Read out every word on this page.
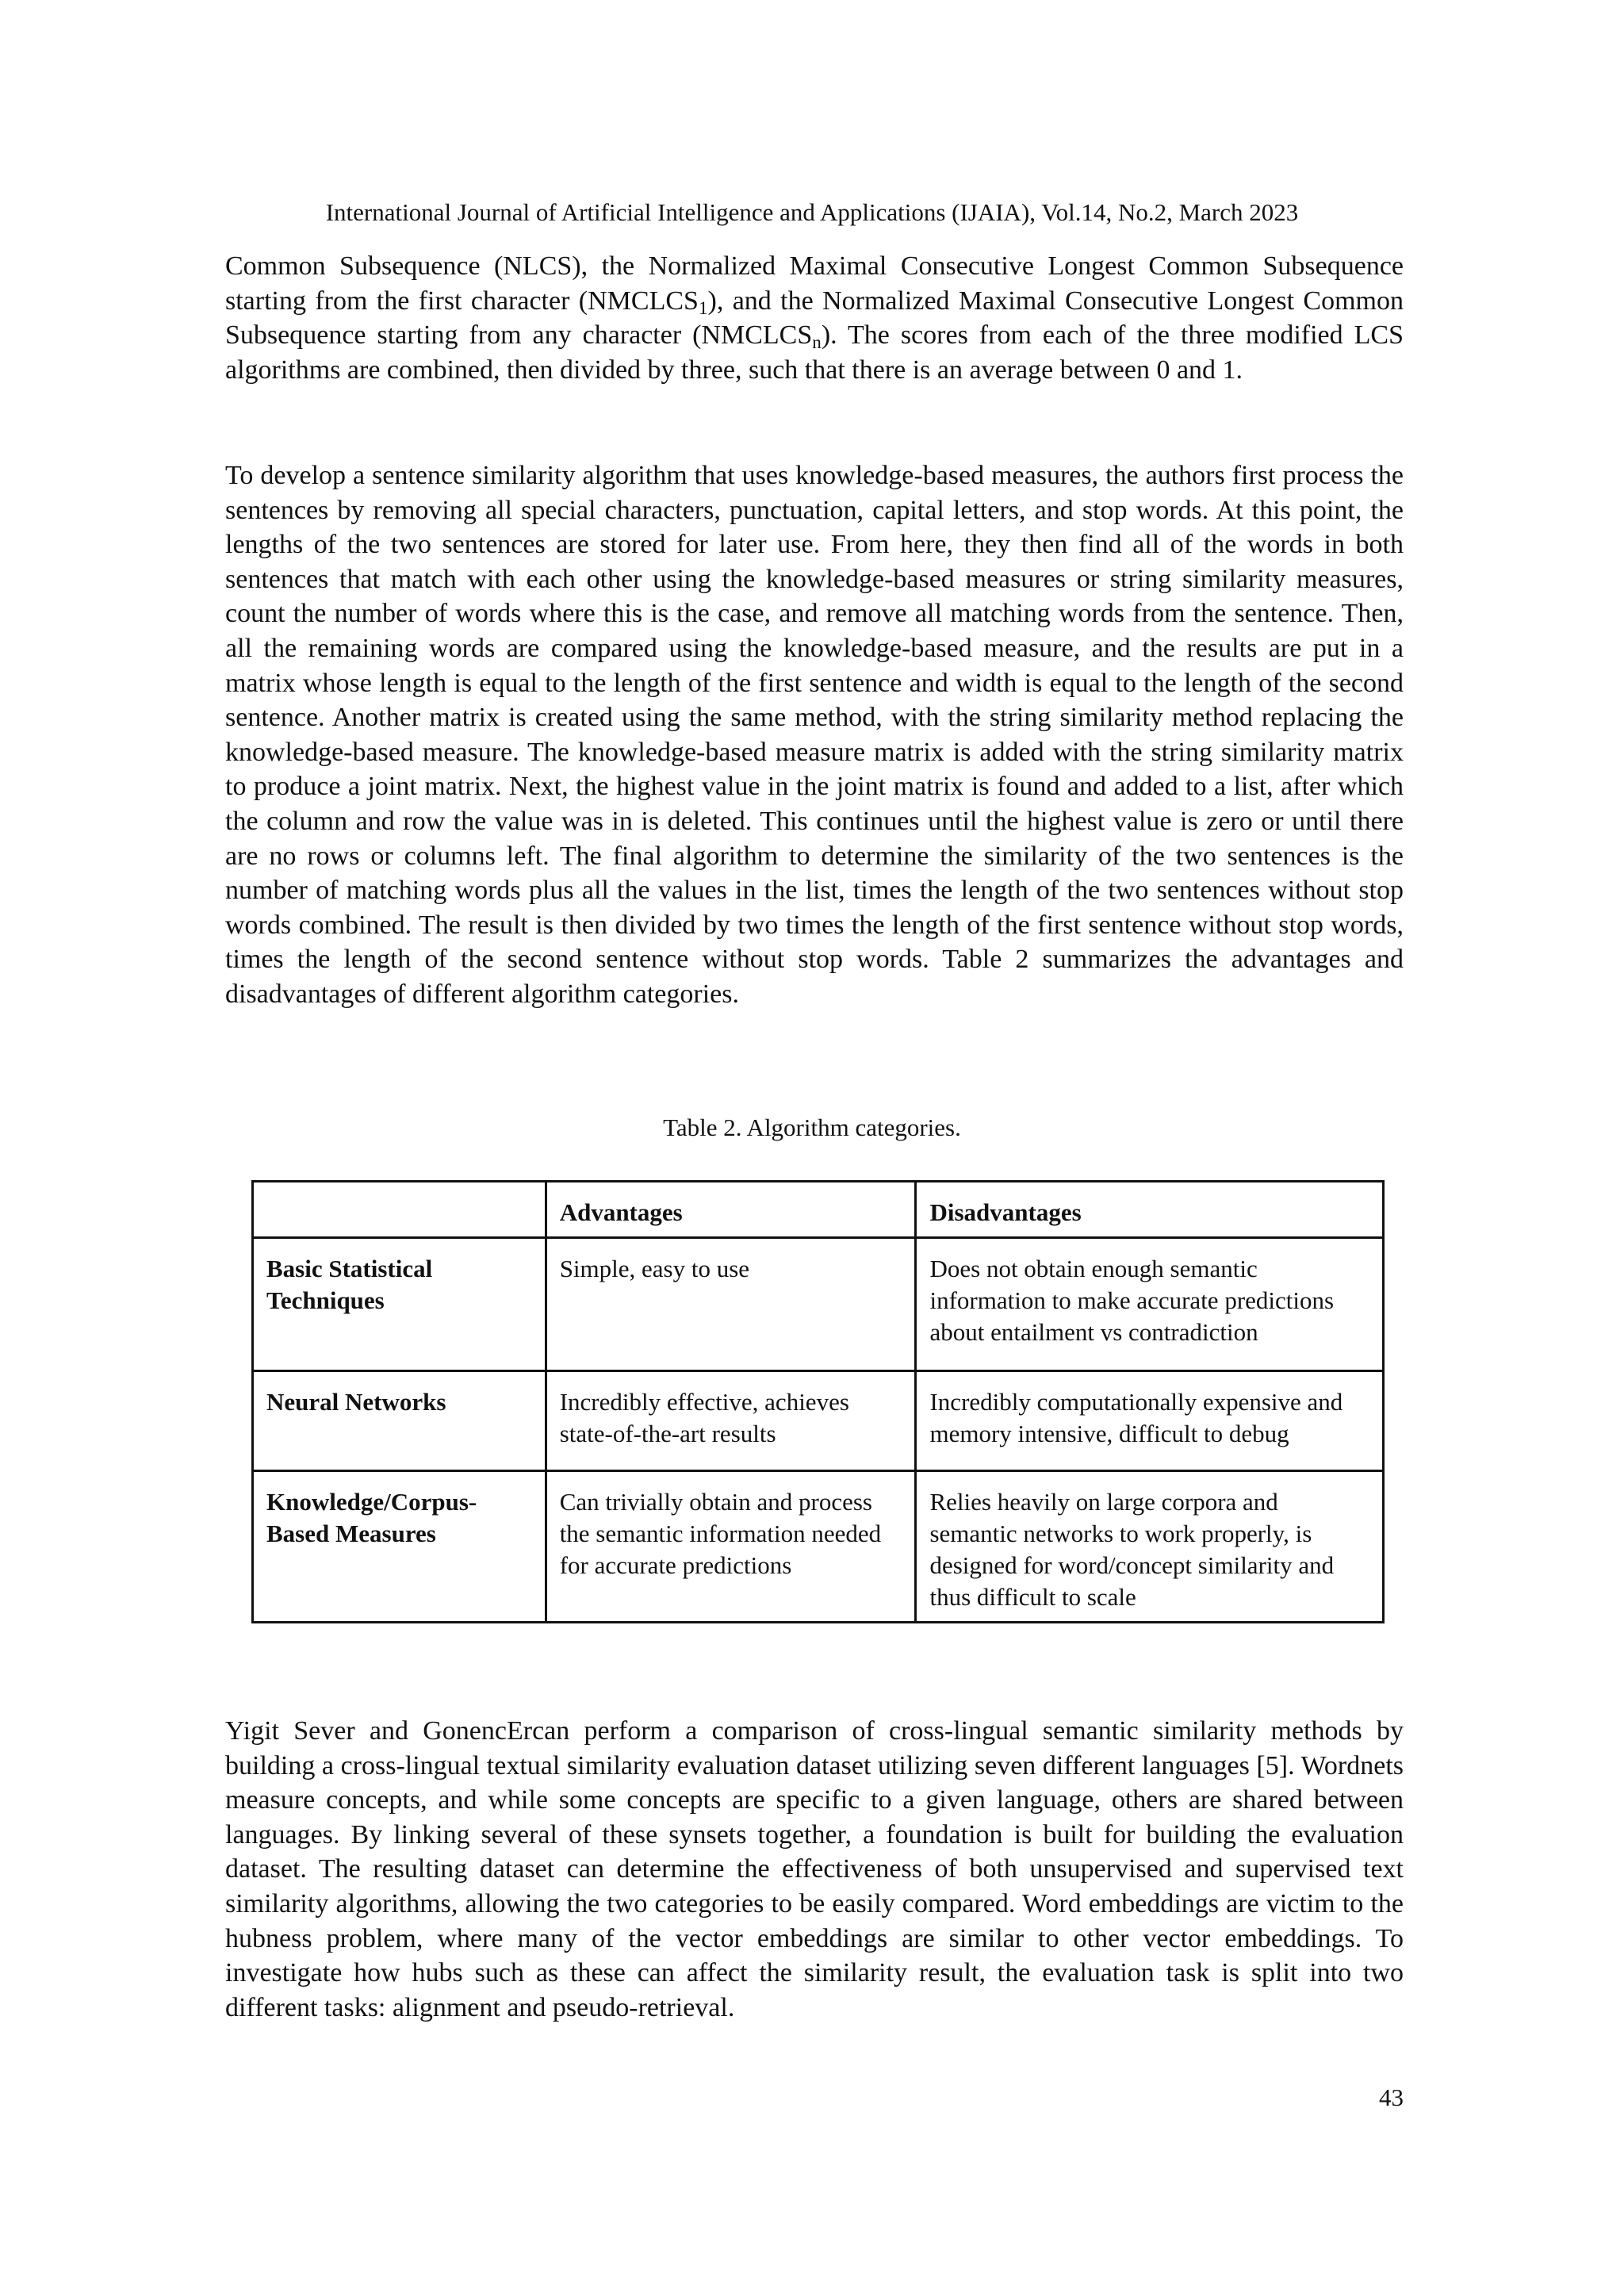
International Journal of Artificial Intelligence and Applications (IJAIA), Vol.14, No.2, March 2023

Common Subsequence (NLCS), the Normalized Maximal Consecutive Longest Common Subsequence starting from the first character $(NMCLCS_1)$, and the Normalized Maximal Consecutive Longest Common Subsequence starting from any character $(NMCLCS_n)$. The scores from each of the three modified LCS algorithms are combined, then divided by three, such that there is an average between 0 and 1.

To develop a sentence similarity algorithm that uses knowledge-based measures, the authors first process the sentences by removing all special characters, punctuation, capital letters, and stop words. At this point, the lengths of the two sentences are stored for later use. From here, they then find all of the words in both sentences that match with each other using the knowledge-based measures or string similarity measures, count the number of words where this is the case, and remove all matching words from the sentence. Then, all the remaining words are compared using the knowledge-based measure, and the results are put in a matrix whose length is equal to the length of the first sentence and width is equal to the length of the second sentence. Another matrix is created using the same method, with the string similarity method replacing the knowledge-based measure. The knowledge-based measure matrix is added with the string similarity matrix to produce a joint matrix. Next, the highest value in the joint matrix is found and added to a list, after which the column and row the value was in is deleted. This continues until the highest value is zero or until there are no rows or columns left. The final algorithm to determine the similarity of the two sentences is the number of matching words plus all the values in the list, times the length of the two sentences without stop words combined. The result is then divided by two times the length of the first sentence without stop words, times the length of the second sentence without stop words. Table 2 summarizes the advantages and disadvantages of different algorithm categories.

Table 2. Algorithm categories.
	Advantages	Disadvantages
Basic Statistical Techniques	Simple, easy to use	Does not obtain enough semantic information to make accurate predictions about entailment vs contradiction
Neural Networks	Incredibly effective, achieves state-of-the-art results	Incredibly computationally expensive and memory intensive, difficult to debug
Knowledge/Corpus-Based Measures	Can trivially obtain and process the semantic information needed for accurate predictions	Relies heavily on large corpora and semantic networks to work properly, is designed for word/concept similarity and thus difficult to scale

Yigit Sever and GonencErcan perform a comparison of cross-lingual semantic similarity methods by building a cross-lingual textual similarity evaluation dataset utilizing seven different languages [5]. Wordnets measure concepts, and while some concepts are specific to a given language, others are shared between languages. By linking several of these synsets together, a foundation is built for building the evaluation dataset. The resulting dataset can determine the effectiveness of both unsupervised and supervised text similarity algorithms, allowing the two categories to be easily compared. Word embeddings are victim to the hubness problem, where many of the vector embeddings are similar to other vector embeddings. To investigate how hubs such as these can affect the similarity result, the evaluation task is split into two different tasks: alignment and pseudo-retrieval.

43
